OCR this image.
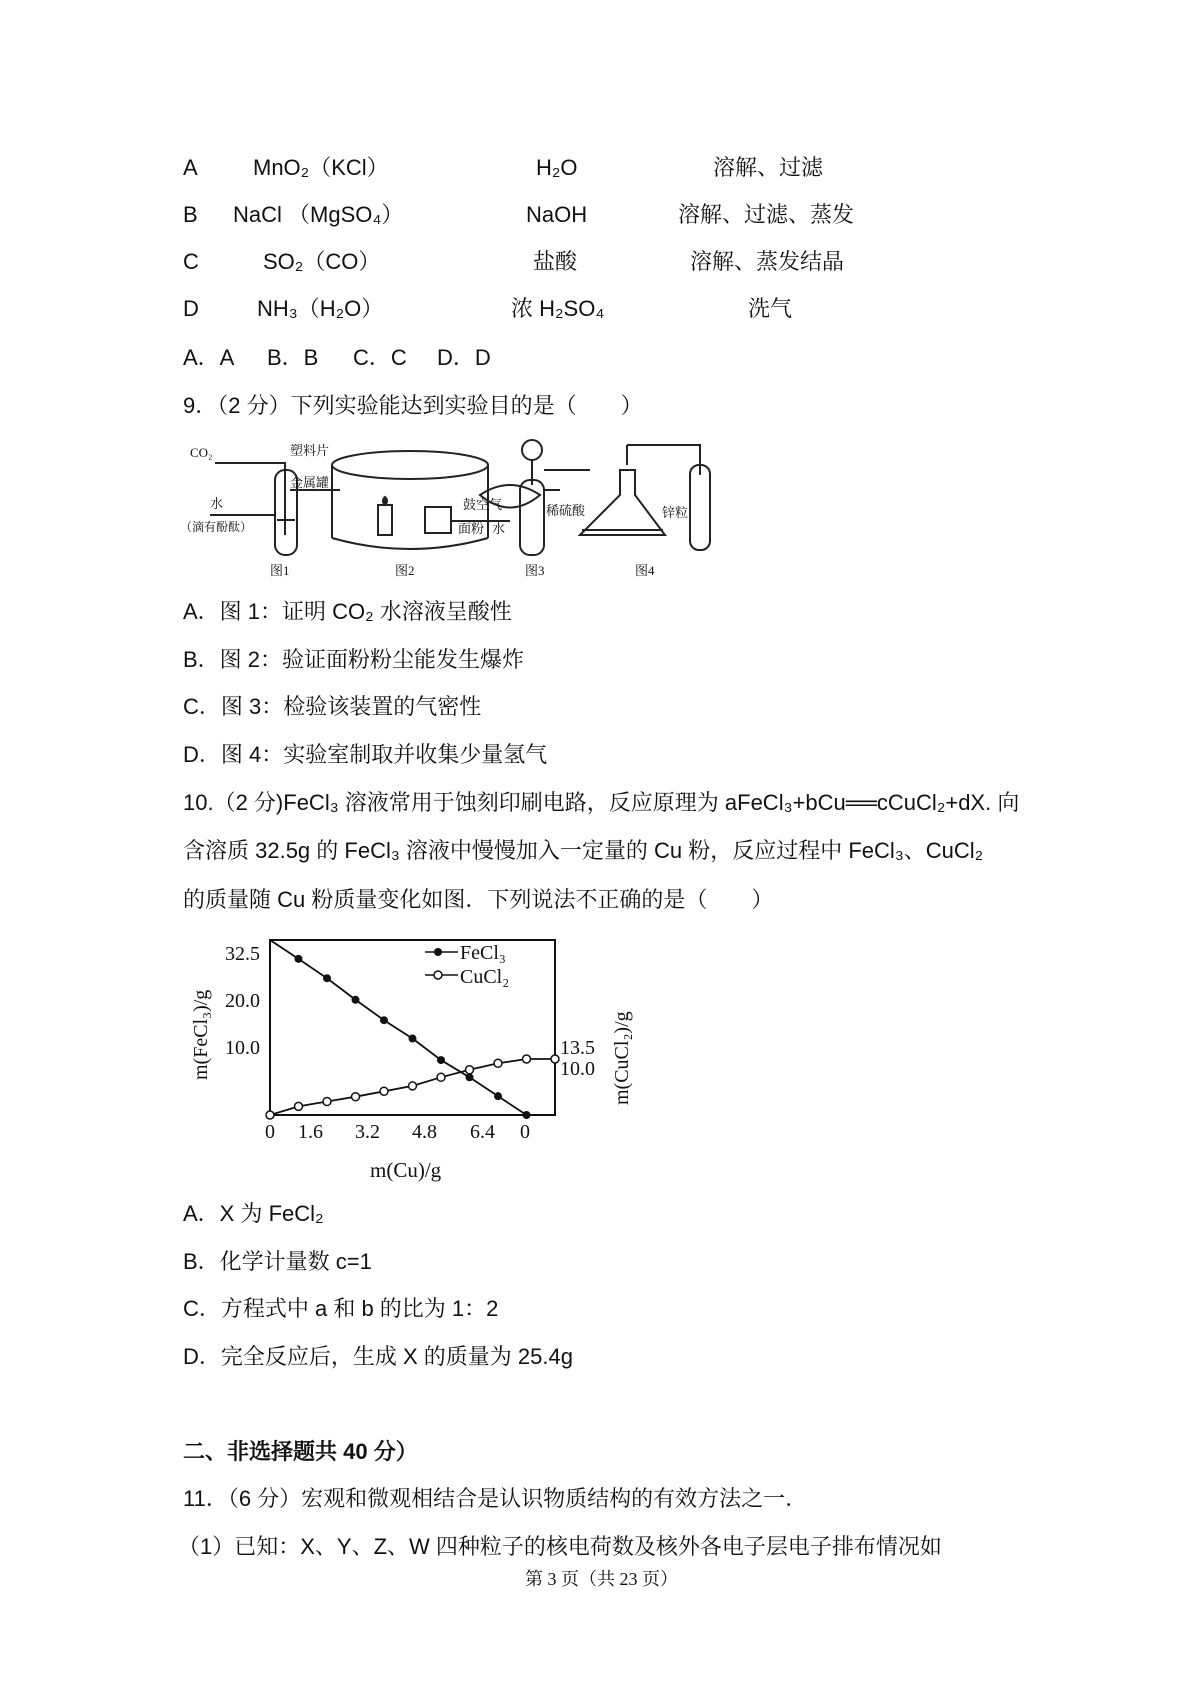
A	MnO₂（KCl）	H₂O	溶解、过滤
B NaCl （MgSO₄）	NaOH	溶解、过滤、蒸发
C	SO₂（CO）	盐酸	溶解、蒸发结晶
D	NH₃（H₂O）	浓 H₂SO₄	洗气
A．A B．B C．C D．D
9．（2 分）下列实验能达到实验目的是（　　）
CO₂
水
（滴有酚酞）
塑料片
金属罐
鼓空气
面粉 水
稀硫酸	锌粒
图1	图2	图3	图4
A．图 1：证明 CO₂ 水溶液呈酸性
B．图 2：验证面粉粉尘能发生爆炸
C．图 3：检验该装置的气密性
D．图 4：实验室制取并收集少量氢气
10.（2 分)FeCl₃ 溶液常用于蚀刻印刷电路，反应原理为 aFeCl₃+bCu══cCuCl₂+dX. 向
含溶质 32.5g 的 FeCl₃ 溶液中慢慢加入一定量的 Cu 粉，反应过程中 FeCl₃、CuCl₂
的质量随 Cu 粉质量变化如图．下列说法不正确的是（　　）
32.5
20.0
10.0	13.5
10.0
0 1.6 3.2 4.8 6.4 0
m(Cu)/g
m(FeCl₃)/g	m(CuCl₂)/g
FeCl₃
CuCl₂
A．X 为 FeCl₂
B．化学计量数 c=1
C．方程式中 a 和 b 的比为 1：2
D．完全反应后，生成 X 的质量为 25.4g
二、非选择题共 40 分）
11．（6 分）宏观和微观相结合是认识物质结构的有效方法之一．
（1）已知：X、Y、Z、W 四种粒子的核电荷数及核外各电子层电子排布情况如
第 3 页（共 23 页）
